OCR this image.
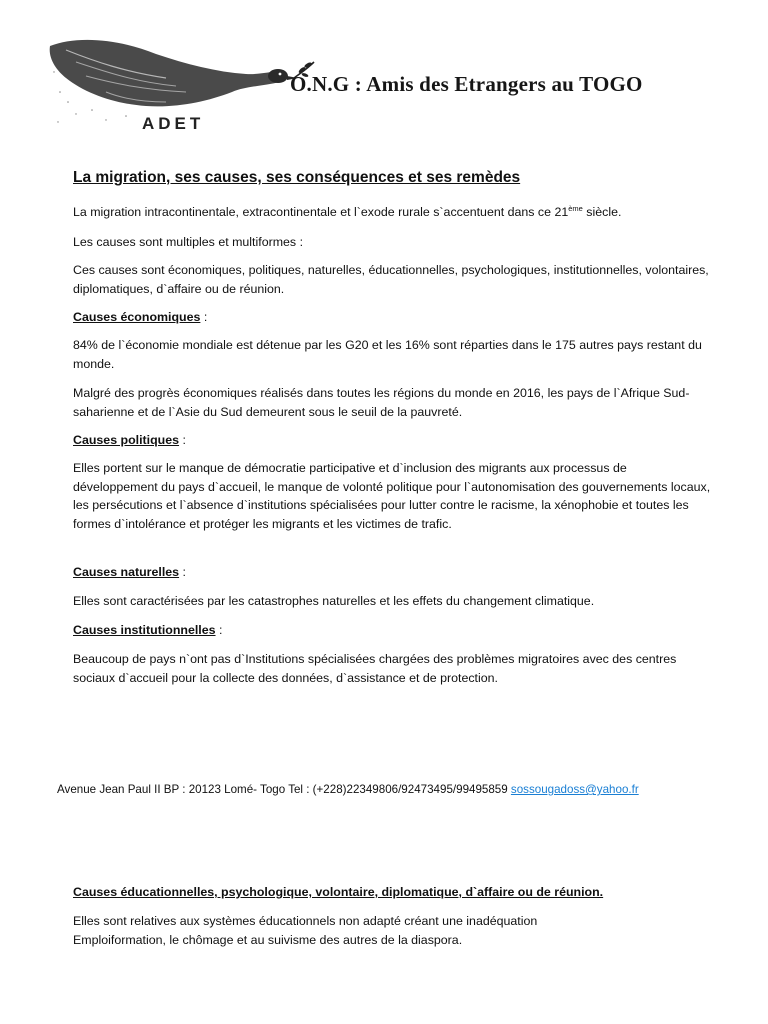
O.N.G : Amis des Etrangers au TOGO
ADET
La migration, ses causes, ses conséquences et ses remèdes

La migration intracontinentale, extracontinentale et l`exode rurale s`accentuent dans ce 21ème siècle.

Les causes sont multiples et multiformes :

Ces causes sont économiques, politiques, naturelles, éducationnelles, psychologiques, institutionnelles, volontaires, diplomatiques, d`affaire ou de réunion.

Causes économiques :

84% de l`économie mondiale est détenue par les G20 et les 16% sont réparties dans le 175 autres pays restant du monde.

Malgré des progrès économiques réalisés dans toutes les régions du monde en 2016, les pays de l`Afrique Sud- saharienne et de l`Asie du Sud demeurent sous le seuil de la pauvreté.

Causes politiques :

Elles portent sur le manque de démocratie participative et d`inclusion des migrants aux processus de développement du pays d`accueil, le manque de volonté politique pour l`autonomisation des gouvernements locaux, les persécutions et l`absence d`institutions spécialisées pour lutter contre le racisme, la xénophobie et toutes les formes d`intolérance et protéger les migrants et les victimes de trafic.

Causes naturelles :

Elles sont caractérisées par les catastrophes naturelles et les effets du changement climatique.

Causes institutionnelles :

Beaucoup de pays n`ont pas d`Institutions spécialisées chargées des problèmes migratoires avec des centres sociaux d`accueil pour la collecte des données, d`assistance et de protection.

Avenue Jean Paul II BP : 20123 Lomé- Togo Tel : (+228)22349806/92473495/99495859 sossougadoss@yahoo.fr

Causes éducationnelles, psychologique, volontaire, diplomatique, d`affaire ou de réunion.

Elles sont relatives aux systèmes éducationnels non adapté créant une inadéquation Emploiformation, le chômage et au suivisme des autres de la diaspora.
